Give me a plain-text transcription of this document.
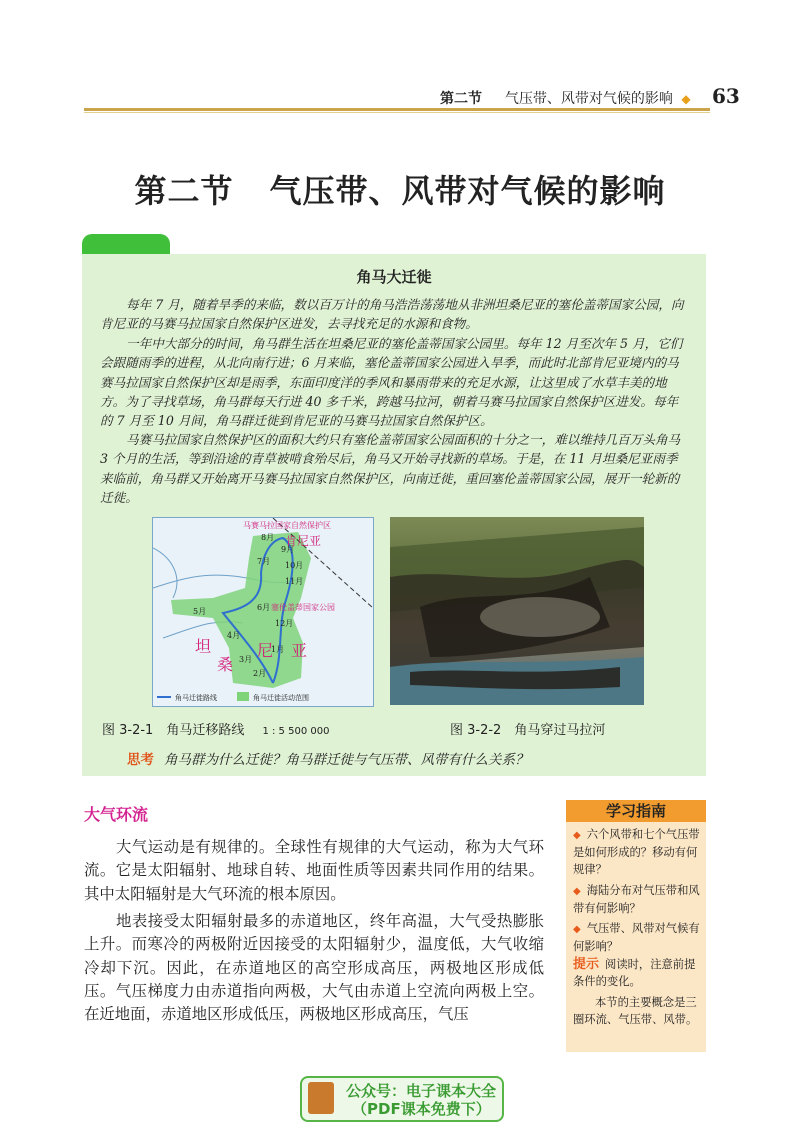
第二节 气压带、风带对气候的影响 ◆	63
第二节 气压带、风带对气候的影响
角马大迁徙

每年 7 月，随着旱季的来临，数以百万计的角马浩浩荡荡地从非洲坦桑尼亚的塞伦盖蒂国家公园，向肯尼亚的马赛马拉国家自然保护区进发，去寻找充足的水源和食物。

一年中大部分的时间，角马群生活在坦桑尼亚的塞伦盖蒂国家公园里。每年 12 月至次年 5 月，它们会跟随雨季的进程，从北向南行进；6 月来临，塞伦盖蒂国家公园进入旱季，而此时北部肯尼亚境内的马赛马拉国家自然保护区却是雨季，东面印度洋的季风和暴雨带来的充足水源，让这里成了水草丰美的地方。为了寻找草场，角马群每天行进 40 多千米，跨越马拉河，朝着马赛马拉国家自然保护区进发。每年的 7 月至 10 月间，角马群迁徙到肯尼亚的马赛马拉国家自然保护区。

马赛马拉国家自然保护区的面积大约只有塞伦盖蒂国家公园面积的十分之一，难以维持几百万头角马 3 个月的生活，等到沿途的青草被啃食殆尽后，角马又开始寻找新的草场。于是，在 11 月坦桑尼亚雨季来临前，角马群又开始离开马赛马拉国家自然保护区，向南迁徙，重回塞伦盖蒂国家公园，展开一轮新的迁徙。

马赛马拉国家自然保护区
肯尼亚
塞伦盖蒂国家公园
坦
桑
尼 亚
8月
9月
7月 10月
11月
6月
5月
12月
4月
1月
3月
2月
角马迁徙路线	角马迁徙活动范围
图 3-2-1　角马迁移路线 1 : 5 500 000	图 3-2-2　角马穿过马拉河
思考 角马群为什么迁徙？角马群迁徙与气压带、风带有什么关系？
大气环流

大气运动是有规律的。全球性有规律的大气运动，称为大气环流。它是太阳辐射、地球自转、地面性质等因素共同作用的结果。其中太阳辐射是大气环流的根本原因。

地表接受太阳辐射最多的赤道地区，终年高温，大气受热膨胀上升。而寒冷的两极附近因接受的太阳辐射少，温度低，大气收缩冷却下沉。因此，在赤道地区的高空形成高压，两极地区形成低压。气压梯度力由赤道指向两极，大气由赤道上空流向两极上空。在近地面，赤道地区形成低压，两极地区形成高压，气压

学习指南

◆ 六个风带和七个气压带是如何形成的？移动有何规律？

◆ 海陆分布对气压带和风带有何影响？

◆ 气压带、风带对气候有何影响？

提示 阅读时，注意前提条件的变化。

本节的主要概念是三圈环流、气压带、风带。

公众号：电子课本大全
（PDF课本免费下）
